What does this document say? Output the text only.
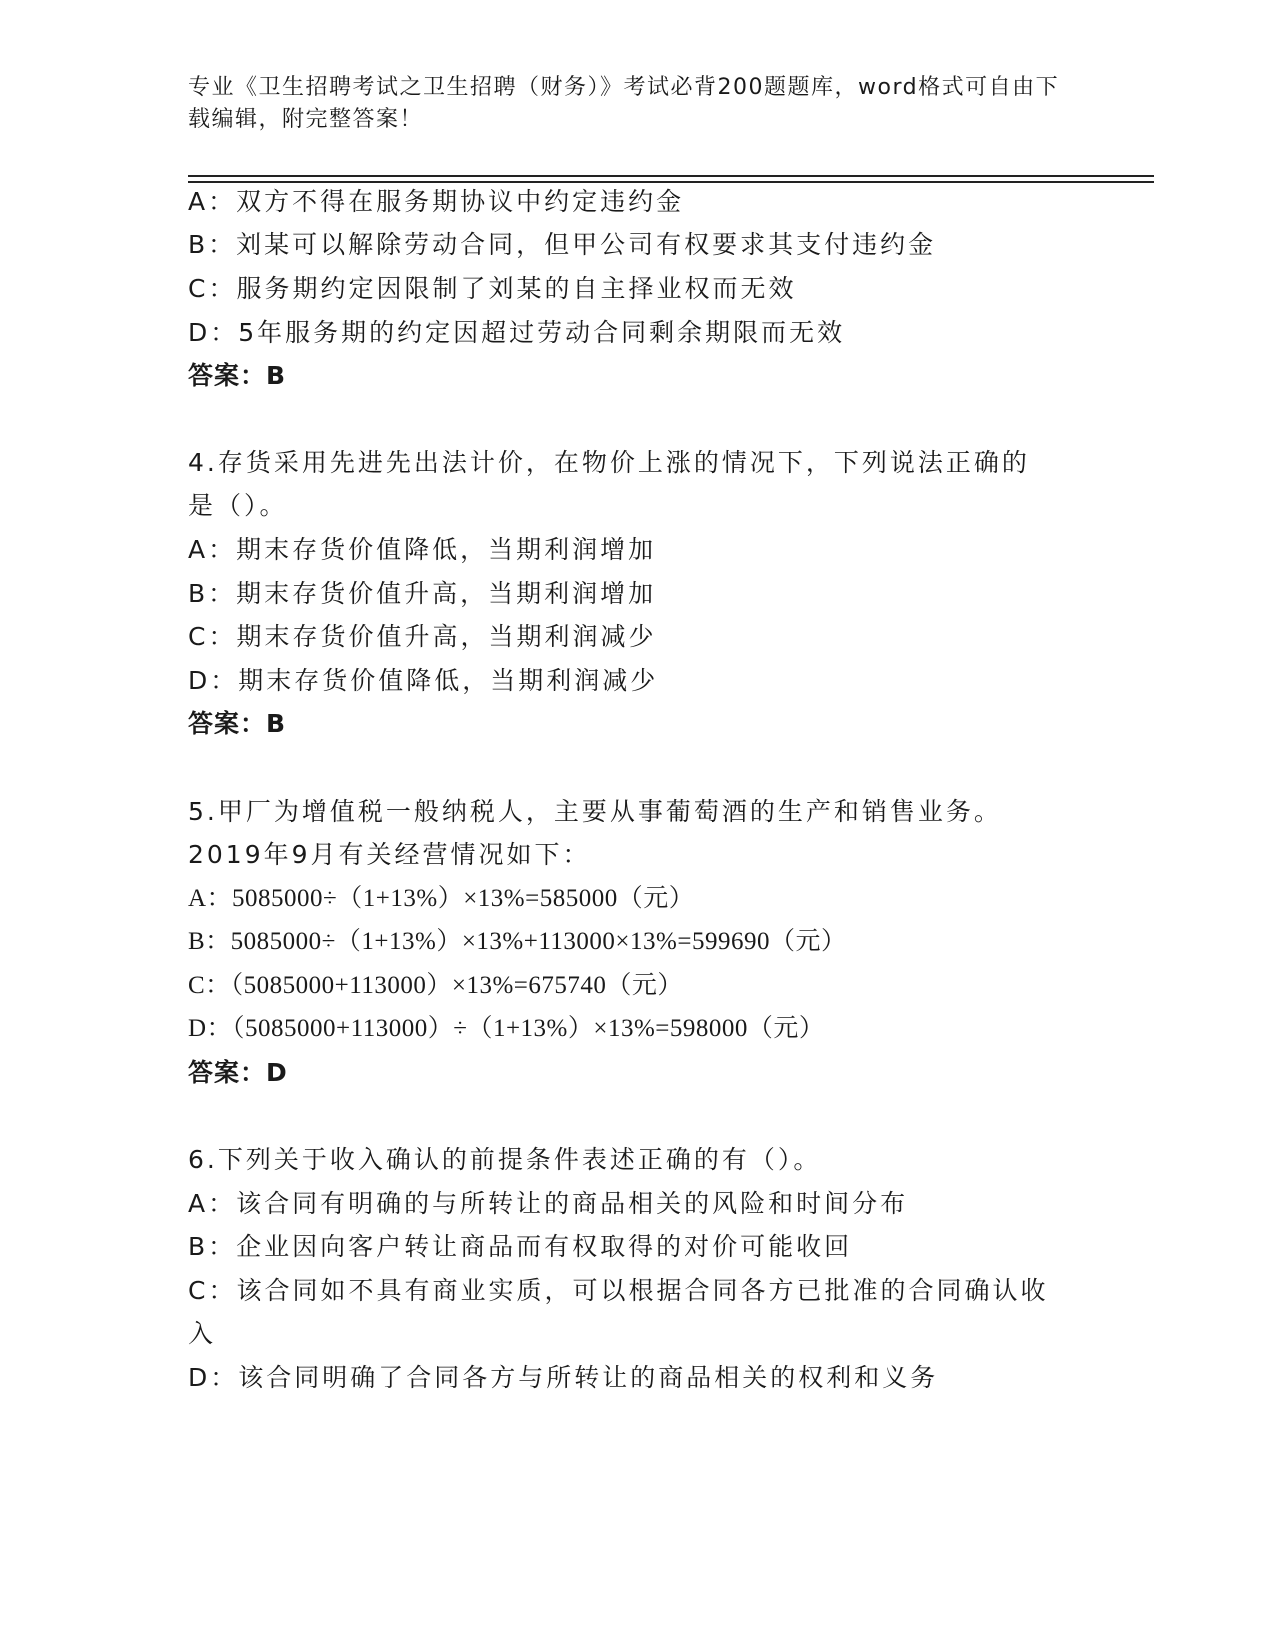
专业《卫生招聘考试之卫生招聘（财务）》考试必背200题题库，word格式可自由下载编辑，附完整答案！
A：双方不得在服务期协议中约定违约金
B：刘某可以解除劳动合同，但甲公司有权要求其支付违约金
C：服务期约定因限制了刘某的自主择业权而无效
D：5年服务期的约定因超过劳动合同剩余期限而无效
答案：B
4.存货采用先进先出法计价，在物价上涨的情况下，下列说法正确的
是（）。
A：期末存货价值降低，当期利润增加
B：期末存货价值升高，当期利润增加
C：期末存货价值升高，当期利润减少
D：期末存货价值降低，当期利润减少
答案：B
5.甲厂为增值税一般纳税人，主要从事葡萄酒的生产和销售业务。
2019年9月有关经营情况如下：
A：5085000÷（1+13%）×13%=585000（元）
B：5085000÷（1+13%）×13%+113000×13%=599690（元）
C：（5085000+113000）×13%=675740（元）
D：（5085000+113000）÷（1+13%）×13%=598000（元）
答案：D
6.下列关于收入确认的前提条件表述正确的有（）。
A：该合同有明确的与所转让的商品相关的风险和时间分布
B：企业因向客户转让商品而有权取得的对价可能收回
C：该合同如不具有商业实质，可以根据合同各方已批准的合同确认收
入
D：该合同明确了合同各方与所转让的商品相关的权利和义务
